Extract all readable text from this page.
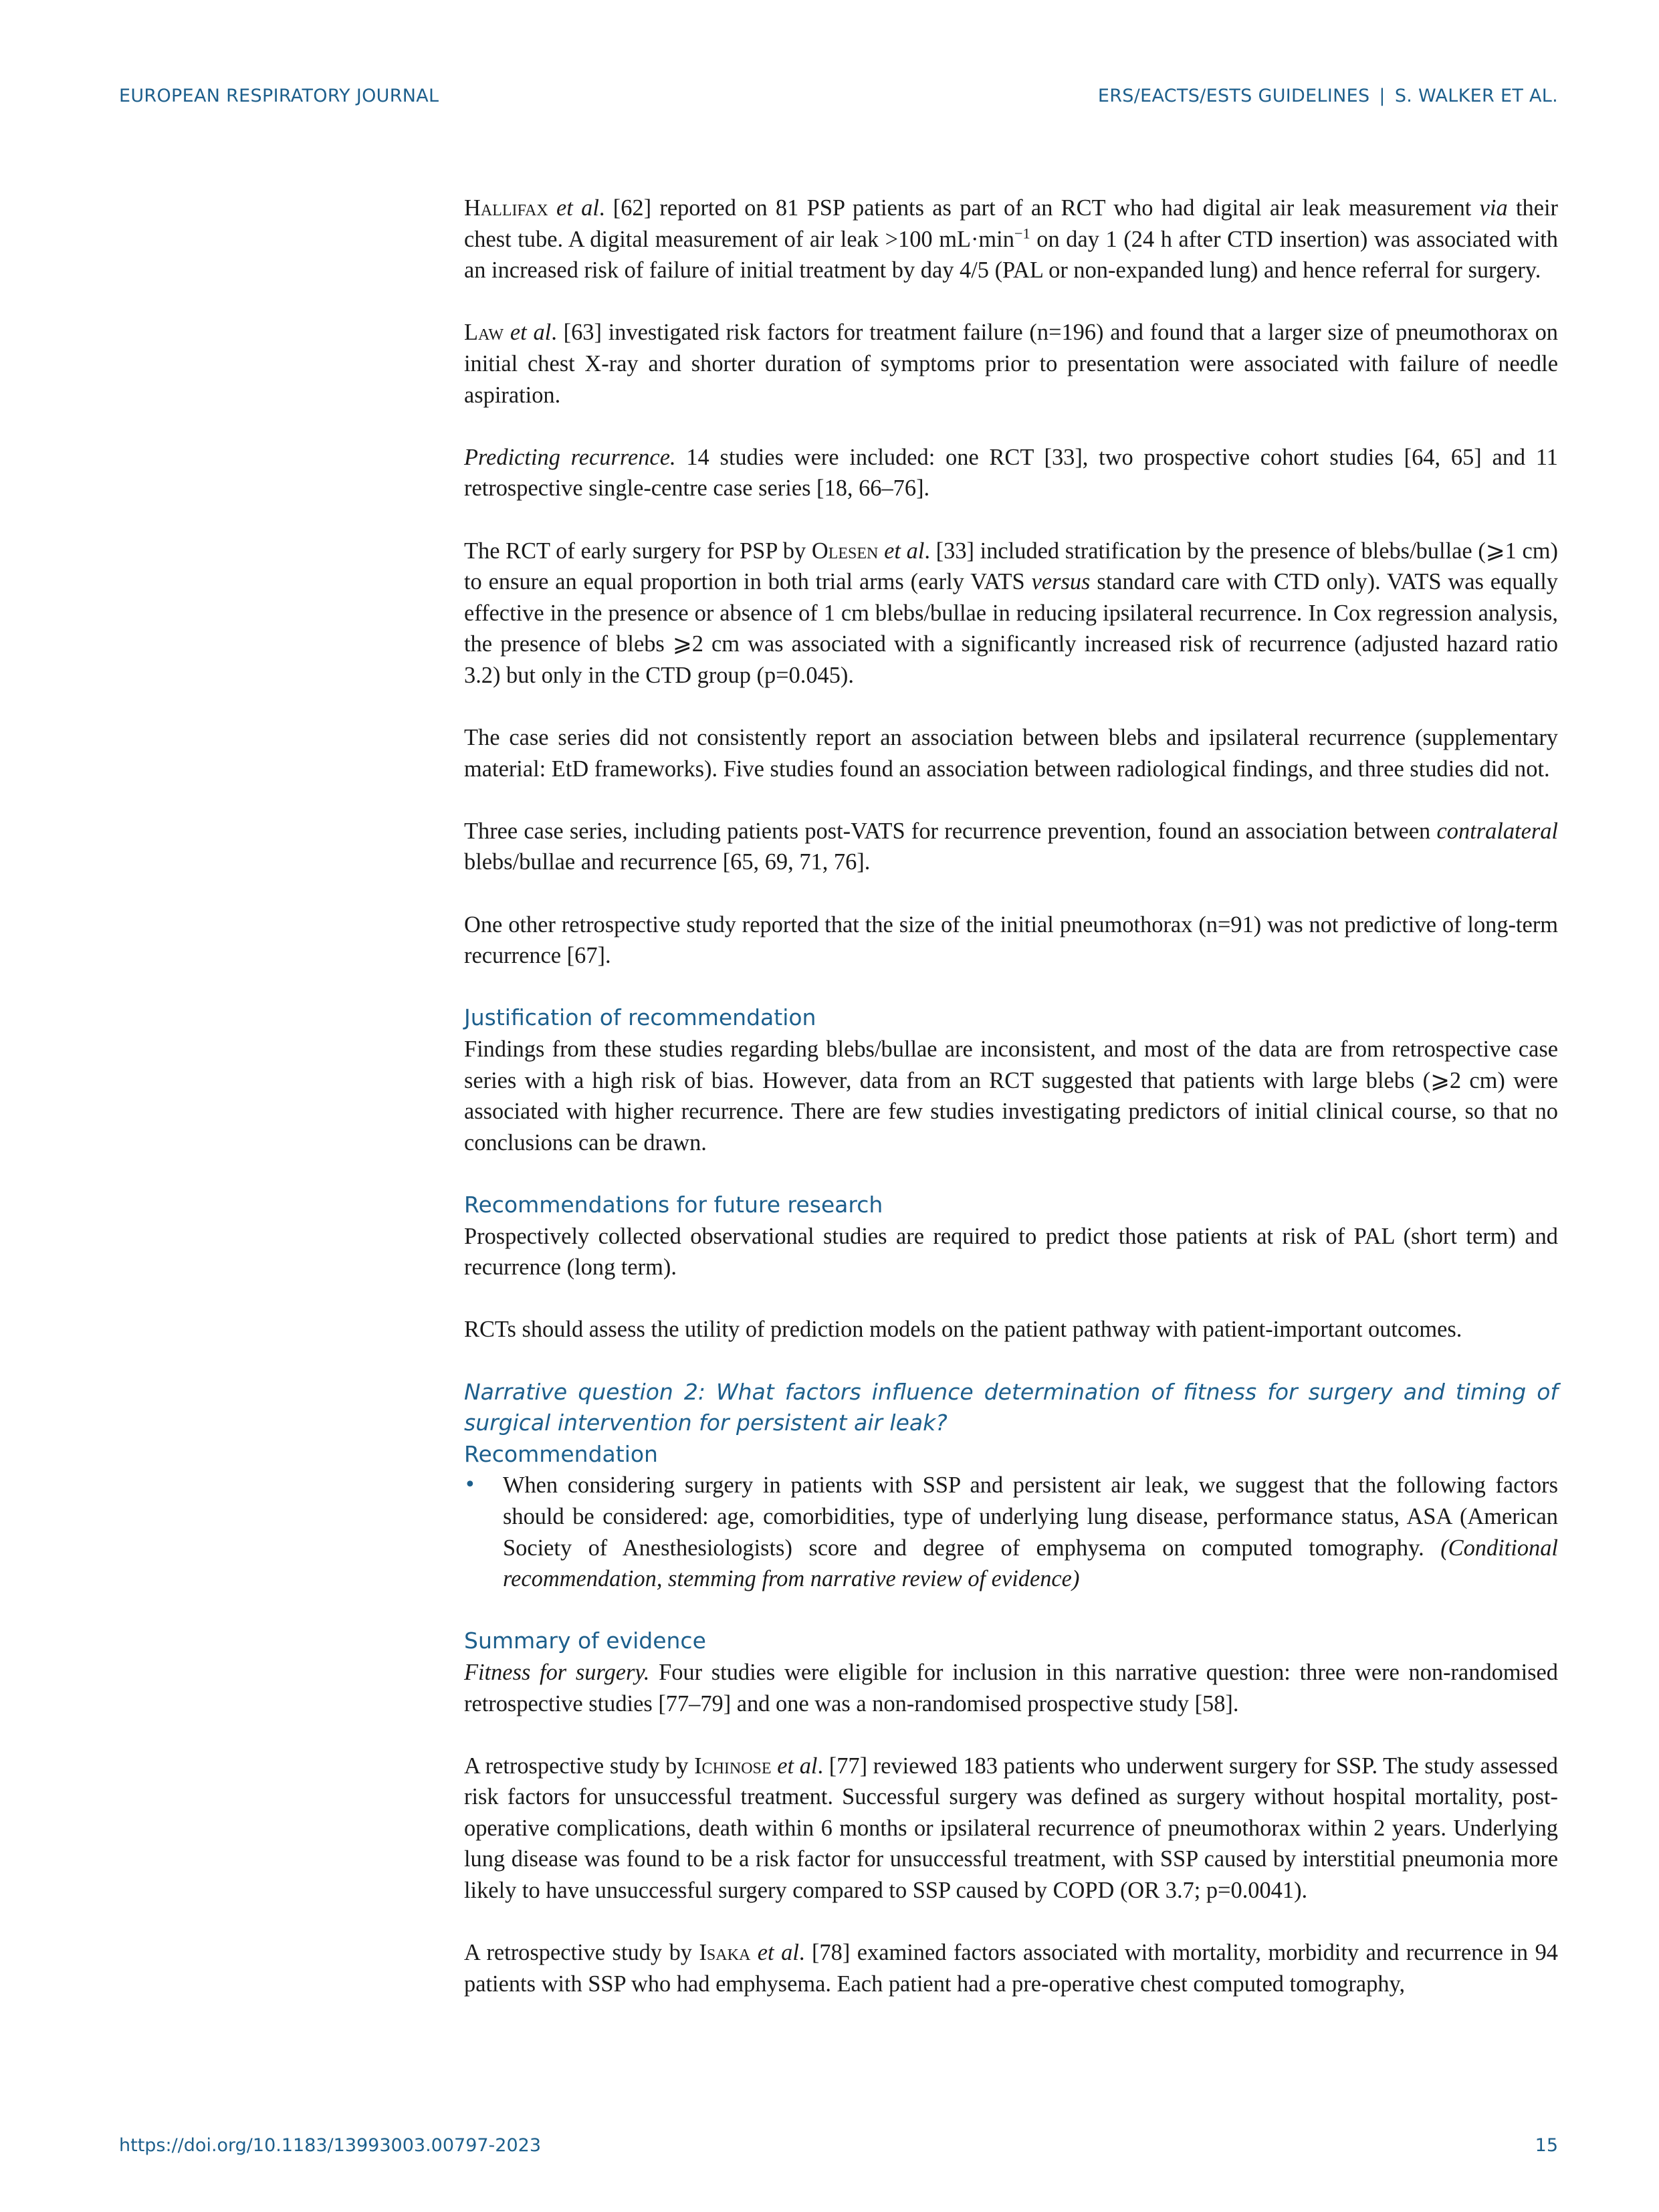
EUROPEAN RESPIRATORY JOURNAL	ERS/EACTS/ESTS GUIDELINES | S. WALKER ET AL.

Hallifax et al. [62] reported on 81 PSP patients as part of an RCT who had digital air leak measurement via their chest tube. A digital measurement of air leak >100 $mL\cdot\min^{-1}$ on day 1 (24 h after CTD insertion) was associated with an increased risk of failure of initial treatment by day 4/5 (PAL or non-expanded lung) and hence referral for surgery.

Law et al. [63] investigated risk factors for treatment failure (n=196) and found that a larger size of pneumothorax on initial chest X-ray and shorter duration of symptoms prior to presentation were associated with failure of needle aspiration.

Predicting recurrence. 14 studies were included: one RCT [33], two prospective cohort studies [64, 65] and 11 retrospective single-centre case series [18, 66–76].

The RCT of early surgery for PSP by Olesen et al. [33] included stratification by the presence of blebs/bullae (⩾1 cm) to ensure an equal proportion in both trial arms (early VATS versus standard care with CTD only). VATS was equally effective in the presence or absence of 1 cm blebs/bullae in reducing ipsilateral recurrence. In Cox regression analysis, the presence of blebs ⩾2 cm was associated with a significantly increased risk of recurrence (adjusted hazard ratio 3.2) but only in the CTD group (p=0.045).

The case series did not consistently report an association between blebs and ipsilateral recurrence (supplementary material: EtD frameworks). Five studies found an association between radiological findings, and three studies did not.

Three case series, including patients post-VATS for recurrence prevention, found an association between contralateral blebs/bullae and recurrence [65, 69, 71, 76].

One other retrospective study reported that the size of the initial pneumothorax (n=91) was not predictive of long-term recurrence [67].

Justification of recommendation

Findings from these studies regarding blebs/bullae are inconsistent, and most of the data are from retrospective case series with a high risk of bias. However, data from an RCT suggested that patients with large blebs (⩾2 cm) were associated with higher recurrence. There are few studies investigating predictors of initial clinical course, so that no conclusions can be drawn.

Recommendations for future research

Prospectively collected observational studies are required to predict those patients at risk of PAL (short term) and recurrence (long term).

RCTs should assess the utility of prediction models on the patient pathway with patient-important outcomes.

Narrative question 2: What factors influence determination of fitness for surgery and timing of surgical intervention for persistent air leak?
Recommendation
• When considering surgery in patients with SSP and persistent air leak, we suggest that the following factors should be considered: age, comorbidities, type of underlying lung disease, performance status, ASA (American Society of Anesthesiologists) score and degree of emphysema on computed tomography. (Conditional recommendation, stemming from narrative review of evidence)
Summary of evidence

Fitness for surgery. Four studies were eligible for inclusion in this narrative question: three were non-randomised retrospective studies [77–79] and one was a non-randomised prospective study [58].

A retrospective study by Ichinose et al. [77] reviewed 183 patients who underwent surgery for SSP. The study assessed risk factors for unsuccessful treatment. Successful surgery was defined as surgery without hospital mortality, post-operative complications, death within 6 months or ipsilateral recurrence of pneumothorax within 2 years. Underlying lung disease was found to be a risk factor for unsuccessful treatment, with SSP caused by interstitial pneumonia more likely to have unsuccessful surgery compared to SSP caused by COPD (OR 3.7; p=0.0041).

A retrospective study by Isaka et al. [78] examined factors associated with mortality, morbidity and recurrence in 94 patients with SSP who had emphysema. Each patient had a pre-operative chest computed tomography,

https://doi.org/10.1183/13993003.00797-2023	15
